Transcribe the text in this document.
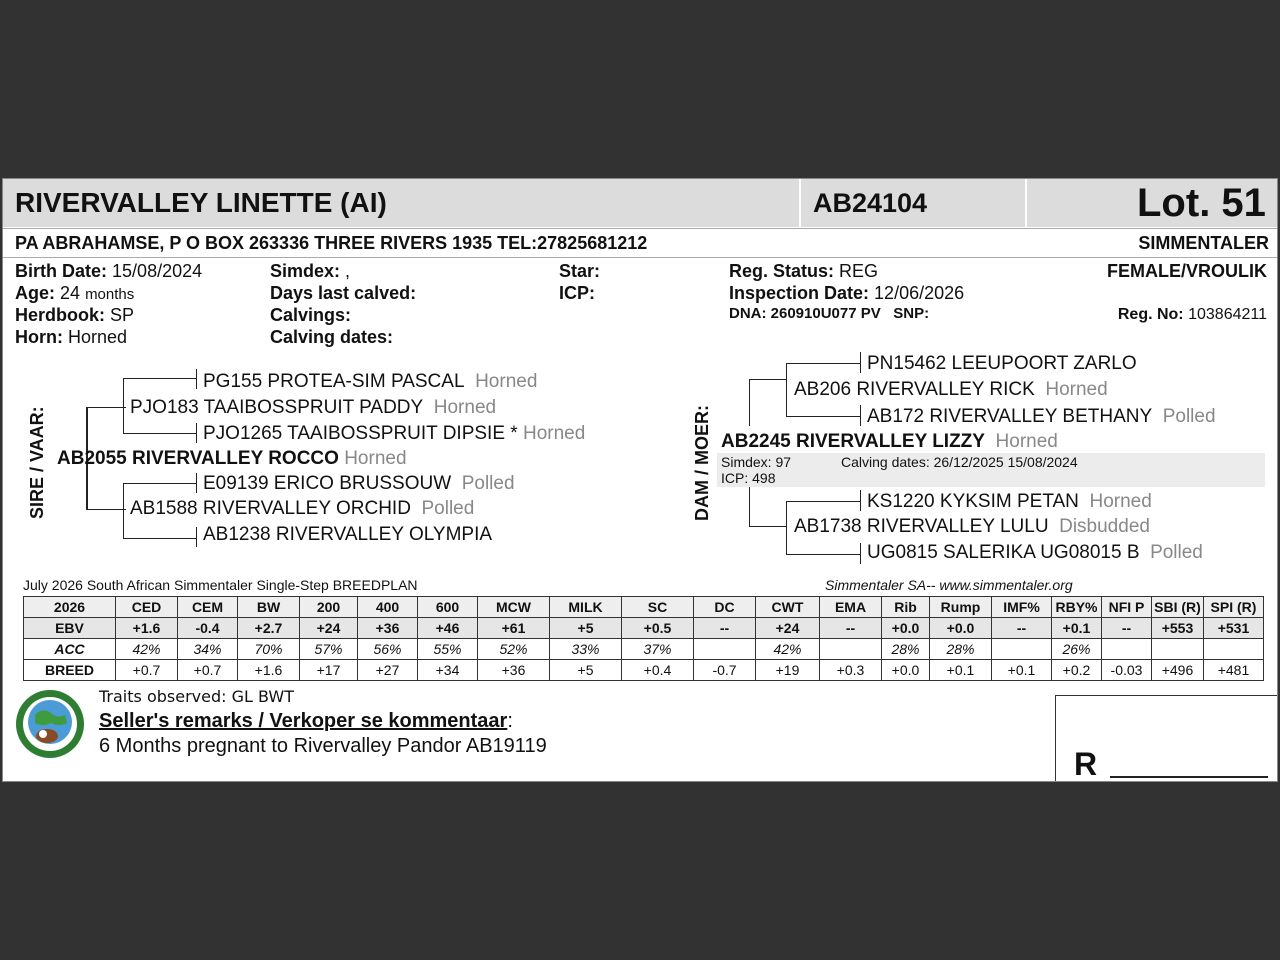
RIVERVALLEY LINETTE (AI)	AB24104	Lot. 51
PA ABRAHAMSE, P O BOX 263336 THREE RIVERS 1935 TEL:27825681212	SIMMENTALER
Birth Date: 15/08/2024
Age: 24 months
Herdbook: SP
Horn: Horned
Simdex: ,
Days last calved:
Calvings:
Calving dates:
Star:
ICP:
Reg. Status: REG
Inspection Date: 12/06/2026
DNA: 260910U077 PV SNP:
FEMALE/VROULIK
Reg. No: 103864211
SIRE / VAAR:
PG155 PROTEA-SIM PASCAL Horned
PJO183 TAAIBOSSPRUIT PADDY Horned
PJO1265 TAAIBOSSPRUIT DIPSIE * Horned
AB2055 RIVERVALLEY ROCCO Horned
E09139 ERICO BRUSSOUW Polled
AB1588 RIVERVALLEY ORCHID Polled
AB1238 RIVERVALLEY OLYMPIA
DAM / MOER:
PN15462 LEEUPOORT ZARLO
AB206 RIVERVALLEY RICK Horned
AB172 RIVERVALLEY BETHANY Polled
AB2245 RIVERVALLEY LIZZY Horned
Simdex: 97	Calving dates: 26/12/2025 15/08/2024
ICP: 498
KS1220 KYKSIM PETAN Horned
AB1738 RIVERVALLEY LULU Disbudded
UG0815 SALERIKA UG08015 B Polled
July 2026 South African Simmentaler Single-Step BREEDPLAN	Simmentaler SA-- www.simmentaler.org
2026	CED	CEM	BW	200	400	600	MCW	MILK	SC	DC	CWT	EMA	Rib	Rump	IMF%	RBY%	NFI P	SBI (R)	SPI (R)
EBV	+1.6	-0.4	+2.7	+24	+36	+46	+61	+5	+0.5	--	+24	--	+0.0	+0.0	--	+0.1	--	+553	+531
ACC	42%	34%	70%	57%	56%	55%	52%	33%	37%		42%		28%	28%		26%			
BREED	+0.7	+0.7	+1.6	+17	+27	+34	+36	+5	+0.4	-0.7	+19	+0.3	+0.0	+0.1	+0.1	+0.2	-0.03	+496	+481
Traits observed: GL BWT
Seller's remarks / Verkoper se kommentaar:
6 Months pregnant to Rivervalley Pandor AB19119	R
